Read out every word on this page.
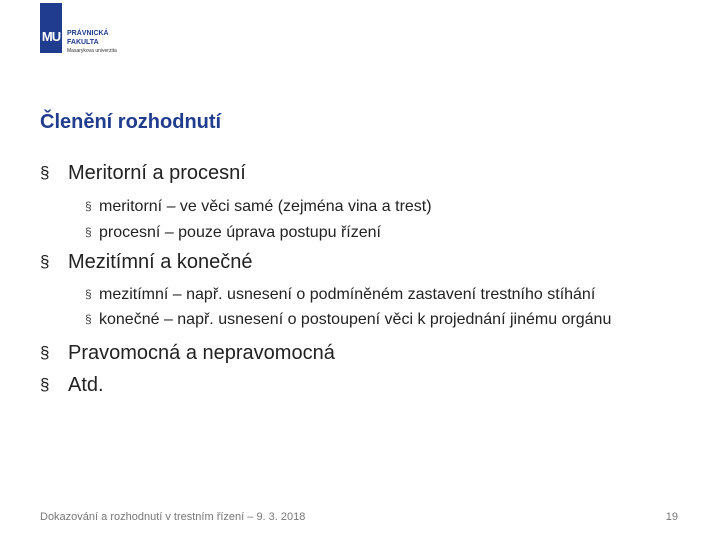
MU PRÁVNICKÁ
FAKULTA
Masarykova univerzita
Členění rozhodnutí
§ Meritorní a procesní
§ meritorní – ve věci samé (zejména vina a trest)
§ procesní – pouze úprava postupu řízení
§ Mezitímní a konečné
§ mezitímní – např. usnesení o podmíněném zastavení trestního stíhání
§ konečné – např. usnesení o postoupení věci k projednání jinému orgánu
§ Pravomocná a nepravomocná
§ Atd.
Dokazování a rozhodnutí v trestním řízení – 9. 3. 2018	19
